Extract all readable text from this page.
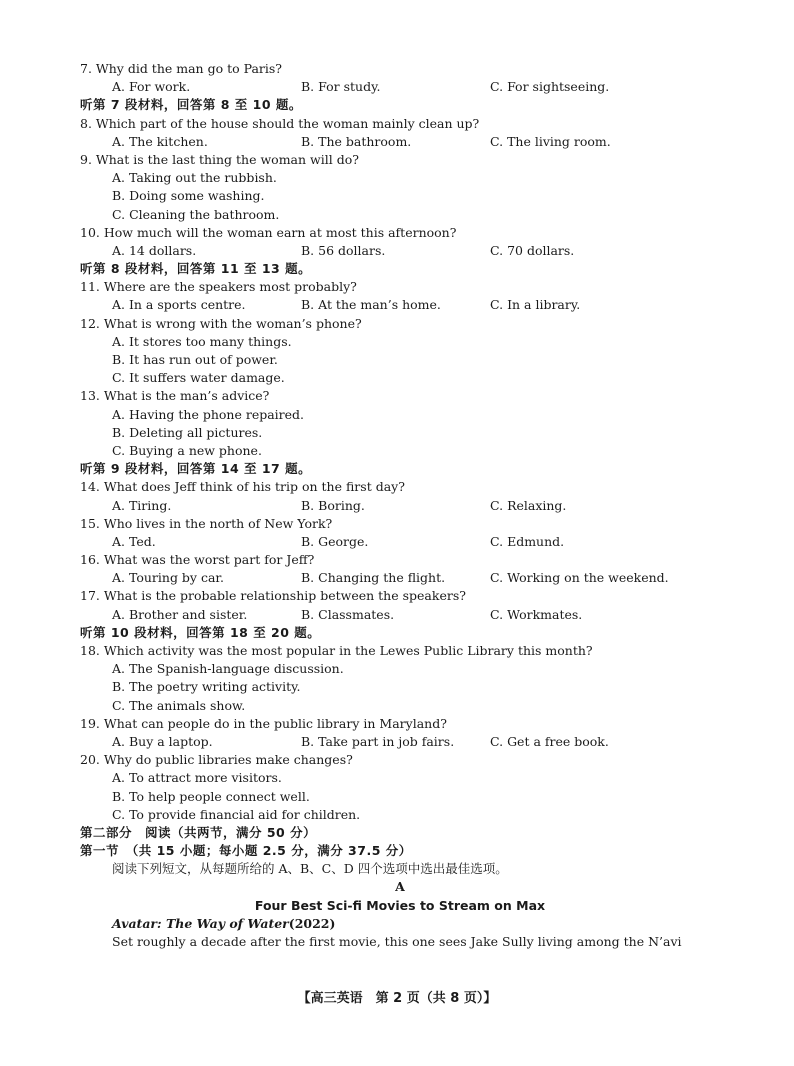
7. Why did the man go to Paris?
A. For work.	B. For study.	C. For sightseeing.
听第 7 段材料，回答第 8 至 10 题。
8. Which part of the house should the woman mainly clean up?
A. The kitchen.	B. The bathroom.	C. The living room.
9. What is the last thing the woman will do?
A. Taking out the rubbish.
B. Doing some washing.
C. Cleaning the bathroom.
10. How much will the woman earn at most this afternoon?
A. 14 dollars.	B. 56 dollars.	C. 70 dollars.
听第 8 段材料，回答第 11 至 13 题。
11. Where are the speakers most probably?
A. In a sports centre.	B. At the man’s home.	C. In a library.
12. What is wrong with the woman’s phone?
A. It stores too many things.
B. It has run out of power.
C. It suffers water damage.
13. What is the man’s advice?
A. Having the phone repaired.
B. Deleting all pictures.
C. Buying a new phone.
听第 9 段材料，回答第 14 至 17 题。
14. What does Jeff think of his trip on the first day?
A. Tiring.	B. Boring.	C. Relaxing.
15. Who lives in the north of New York?
A. Ted.	B. George.	C. Edmund.
16. What was the worst part for Jeff?
A. Touring by car.	B. Changing the flight.	C. Working on the weekend.
17. What is the probable relationship between the speakers?
A. Brother and sister.	B. Classmates.	C. Workmates.
听第 10 段材料，回答第 18 至 20 题。
18. Which activity was the most popular in the Lewes Public Library this month?
A. The Spanish-language discussion.
B. The poetry writing activity.
C. The animals show.
19. What can people do in the public library in Maryland?
A. Buy a laptop.	B. Take part in job fairs.	C. Get a free book.
20. Why do public libraries make changes?
A. To attract more visitors.
B. To help people connect well.
C. To provide financial aid for children.
第二部分　阅读（共两节，满分 50 分）
第一节　（共 15 小题；每小题 2.5 分，满分 37.5 分）
阅读下列短文，从每题所给的 A、B、C、D 四个选项中选出最佳选项。
A
Four Best Sci-fi Movies to Stream on Max
Avatar: The Way of Water(2022)
Set roughly a decade after the first movie, this one sees Jake Sully living among the N’avi
【高三英语　第 2 页（共 8 页）】
